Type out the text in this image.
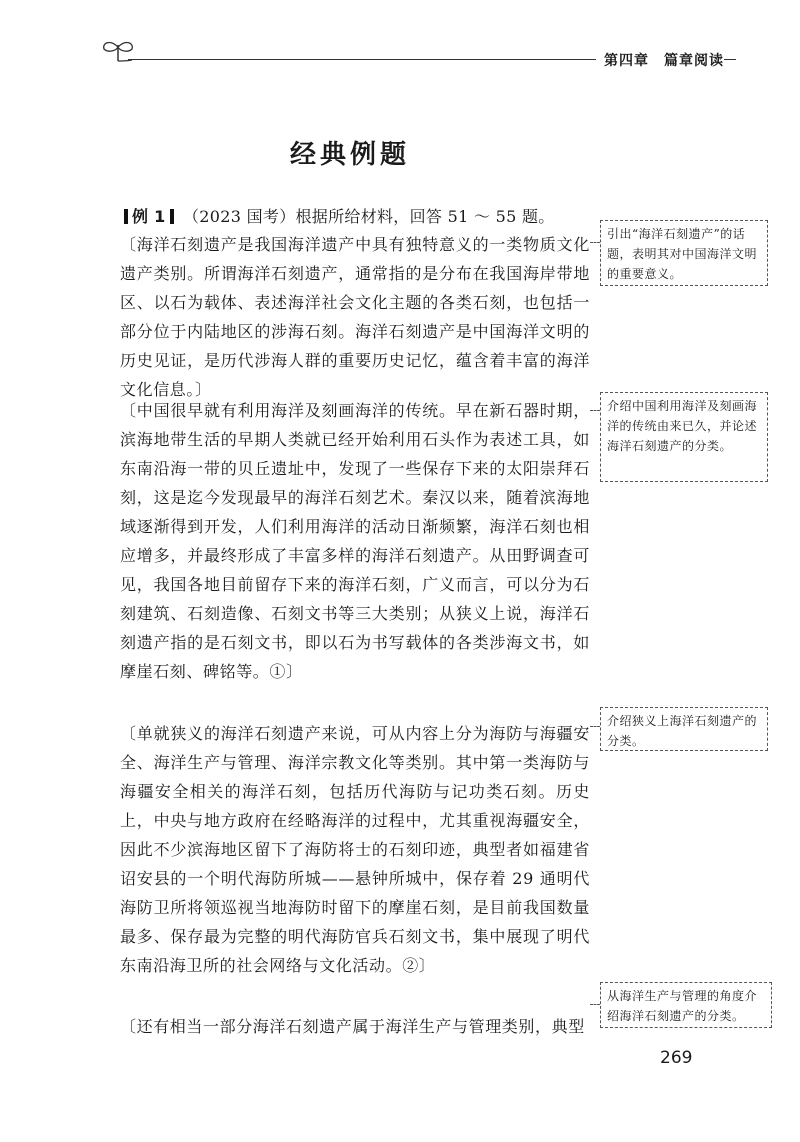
第四章　篇章阅读
经典例题
例 1 （2023 国考）根据所给材料，回答 51 ～ 55 题。
〔海洋石刻遗产是我国海洋遗产中具有独特意义的一类物质文化遗产类别。所谓海洋石刻遗产，通常指的是分布在我国海岸带地区、以石为载体、表述海洋社会文化主题的各类石刻，也包括一部分位于内陆地区的涉海石刻。海洋石刻遗产是中国海洋文明的历史见证，是历代涉海人群的重要历史记忆，蕴含着丰富的海洋文化信息。〕
〔中国很早就有利用海洋及刻画海洋的传统。早在新石器时期，滨海地带生活的早期人类就已经开始利用石头作为表述工具，如东南沿海一带的贝丘遗址中，发现了一些保存下来的太阳崇拜石刻，这是迄今发现最早的海洋石刻艺术。秦汉以来，随着滨海地域逐渐得到开发，人们利用海洋的活动日渐频繁，海洋石刻也相应增多，并最终形成了丰富多样的海洋石刻遗产。从田野调查可见，我国各地目前留存下来的海洋石刻，广义而言，可以分为石刻建筑、石刻造像、石刻文书等三大类别；从狭义上说，海洋石刻遗产指的是石刻文书，即以石为书写载体的各类涉海文书，如摩崖石刻、碑铭等。①〕
〔单就狭义的海洋石刻遗产来说，可从内容上分为海防与海疆安全、海洋生产与管理、海洋宗教文化等类别。其中第一类海防与海疆安全相关的海洋石刻，包括历代海防与记功类石刻。历史上，中央与地方政府在经略海洋的过程中，尤其重视海疆安全，因此不少滨海地区留下了海防将士的石刻印迹，典型者如福建省诏安县的一个明代海防所城——悬钟所城中，保存着 29 通明代海防卫所将领巡视当地海防时留下的摩崖石刻，是目前我国数量最多、保存最为完整的明代海防官兵石刻文书，集中展现了明代东南沿海卫所的社会网络与文化活动。②〕
〔还有相当一部分海洋石刻遗产属于海洋生产与管理类别，典型
引出“海洋石刻遗产”的话题，表明其对中国海洋文明的重要意义。
介绍中国利用海洋及刻画海洋的传统由来已久，并论述海洋石刻遗产的分类。
介绍狭义上海洋石刻遗产的分类。
从海洋生产与管理的角度介绍海洋石刻遗产的分类。
269
